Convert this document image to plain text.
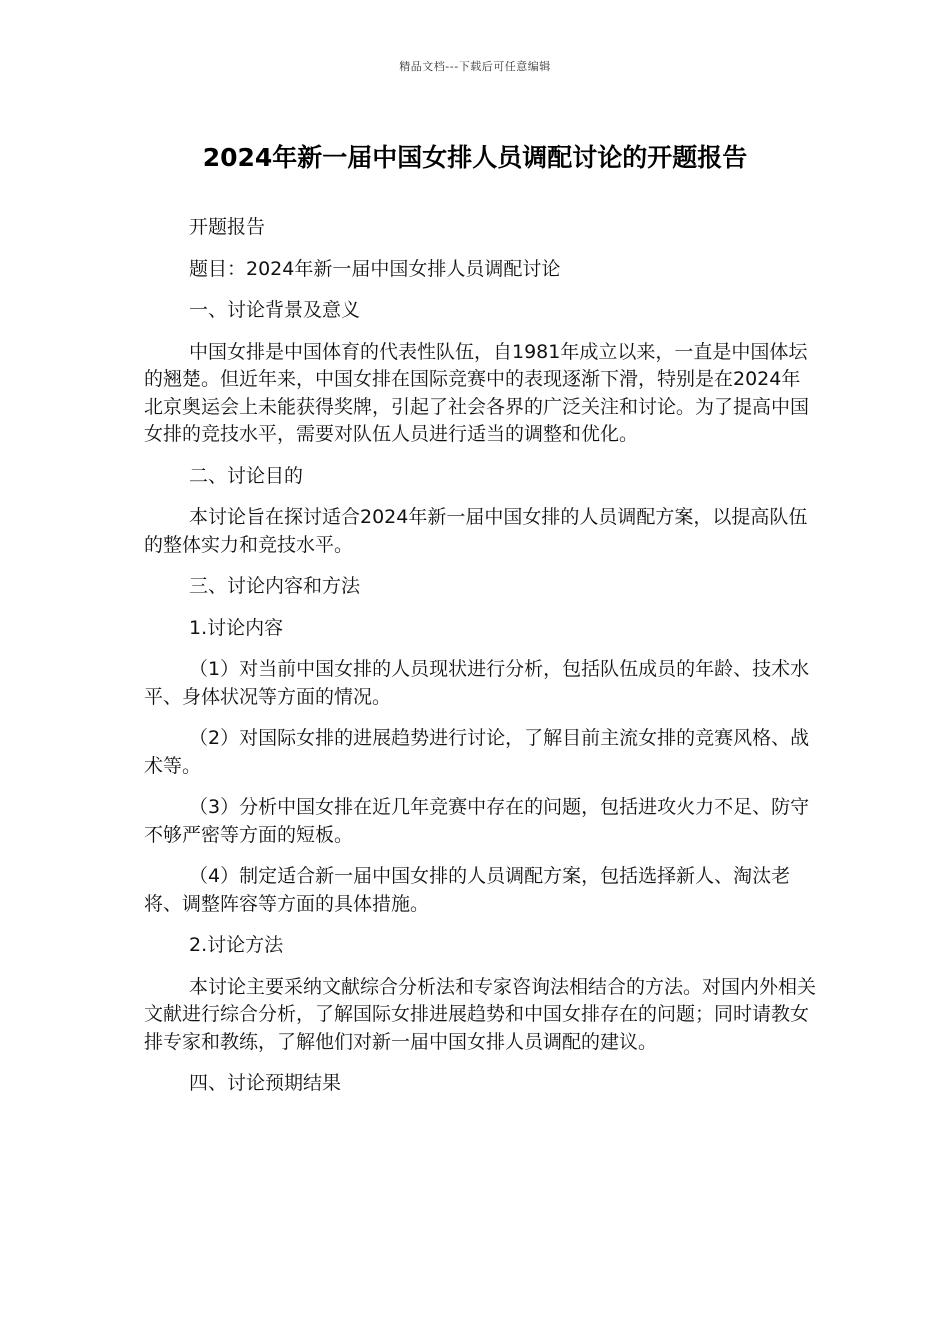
精品文档---下载后可任意编辑
2024年新一届中国女排人员调配讨论的开题报告

开题报告

题目：2024年新一届中国女排人员调配讨论

一、讨论背景及意义

中国女排是中国体育的代表性队伍，自1981年成立以来，一直是中国体坛的翘楚。但近年来，中国女排在国际竞赛中的表现逐渐下滑，特别是在2024年北京奥运会上未能获得奖牌，引起了社会各界的广泛关注和讨论。为了提高中国女排的竞技水平，需要对队伍人员进行适当的调整和优化。

二、讨论目的

本讨论旨在探讨适合2024年新一届中国女排的人员调配方案，以提高队伍的整体实力和竞技水平。

三、讨论内容和方法

1.讨论内容

（1）对当前中国女排的人员现状进行分析，包括队伍成员的年龄、技术水平、身体状况等方面的情况。

（2）对国际女排的进展趋势进行讨论，了解目前主流女排的竞赛风格、战术等。

（3）分析中国女排在近几年竞赛中存在的问题，包括进攻火力不足、防守不够严密等方面的短板。

（4）制定适合新一届中国女排的人员调配方案，包括选择新人、淘汰老将、调整阵容等方面的具体措施。

2.讨论方法

本讨论主要采纳文献综合分析法和专家咨询法相结合的方法。对国内外相关文献进行综合分析，了解国际女排进展趋势和中国女排存在的问题；同时请教女排专家和教练，了解他们对新一届中国女排人员调配的建议。

四、讨论预期结果
